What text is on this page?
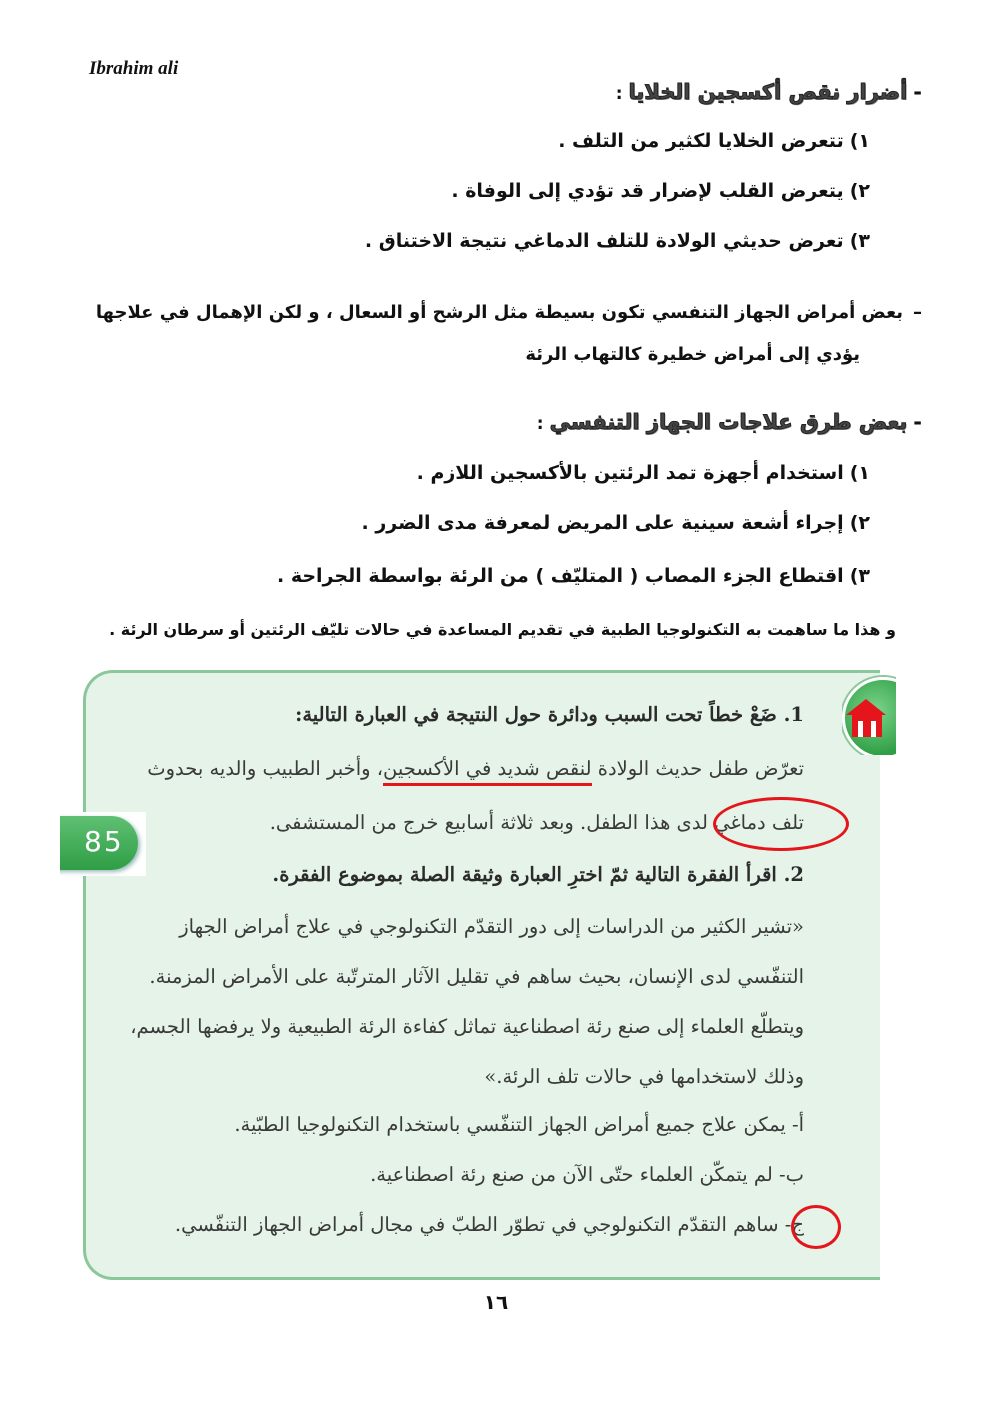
Ibrahim ali
-أضرار نقص أكسجين الخلايا:
١)تتعرض الخلايا لكثير من التلف .
٢)يتعرض القلب لإضرار قد تؤدي إلى الوفاة .
٣)تعرض حديثي الولادة للتلف الدماغي نتيجة الاختناق .
–بعض أمراض الجهاز التنفسي تكون بسيطة مثل الرشح أو السعال ، و لكن الإهمال في علاجها
يؤدي إلى أمراض خطيرة كالتهاب الرئة
-بعض طرق علاجات الجهاز التنفسي:
١)استخدام أجهزة تمد الرئتين بالأكسجين اللازم .
٢)إجراء أشعة سينية على المريض لمعرفة مدى الضرر .
٣)اقتطاع الجزء المصاب ( المتليّف ) من الرئة بواسطة الجراحة .
و هذا ما ساهمت به التكنولوجيا الطبية في تقديم المساعدة في حالات تليّف الرئتين أو سرطان الرئة .
1. ضَعْ خطاً تحت السبب ودائرة حول النتيجة في العبارة التالية:
تعرّض طفل حديث الولادة لنقص شديد في الأكسجين، وأخبر الطبيب والديه بحدوث
تلف دماغي لدى هذا الطفل. وبعد ثلاثة أسابيع خرج من المستشفى.
2. اقرأ الفقرة التالية ثمّ اخترِ العبارة وثيقة الصلة بموضوع الفقرة.
«تشير الكثير من الدراسات إلى دور التقدّم التكنولوجي في علاج أمراض الجهاز
التنفّسي لدى الإنسان، بحيث ساهم في تقليل الآثار المترتّبة على الأمراض المزمنة.
ويتطلّع العلماء إلى صنع رئة اصطناعية تماثل كفاءة الرئة الطبيعية ولا يرفضها الجسم،
وذلك لاستخدامها في حالات تلف الرئة.»
أ- يمكن علاج جميع أمراض الجهاز التنفّسي باستخدام التكنولوجيا الطبّية.
ب- لم يتمكّن العلماء حتّى الآن من صنع رئة اصطناعية.
ج- ساهم التقدّم التكنولوجي في تطوّر الطبّ في مجال أمراض الجهاز التنفّسي.
85
١٦
